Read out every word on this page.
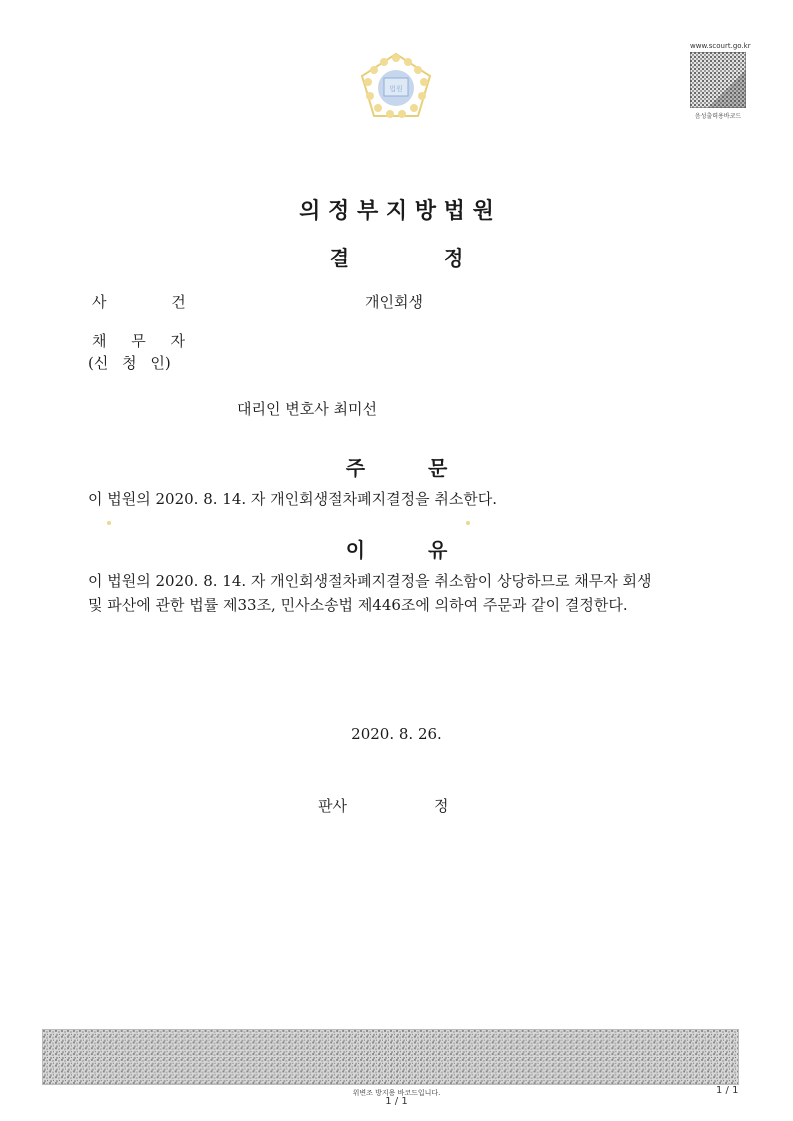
법원
www.scourt.go.kr
음성출력용바코드
의 정 부 지 방 법 원
결 정
사 건	개인회생
채 무 자
(신 청 인)
대리인 변호사 최미선
주 문
이 법원의 2020. 8. 14. 자 개인회생절차폐지결정을 취소한다.
이 유
이 법원의 2020. 8. 14. 자 개인회생절차폐지결정을 취소함이 상당하므로 채무자 회생
및 파산에 관한 법률 제33조, 민사소송법 제446조에 의하여 주문과 같이 결정한다.
2020. 8. 26.
판사	정
위변조 방지용 바코드입니다.
1 / 1
1 / 1
